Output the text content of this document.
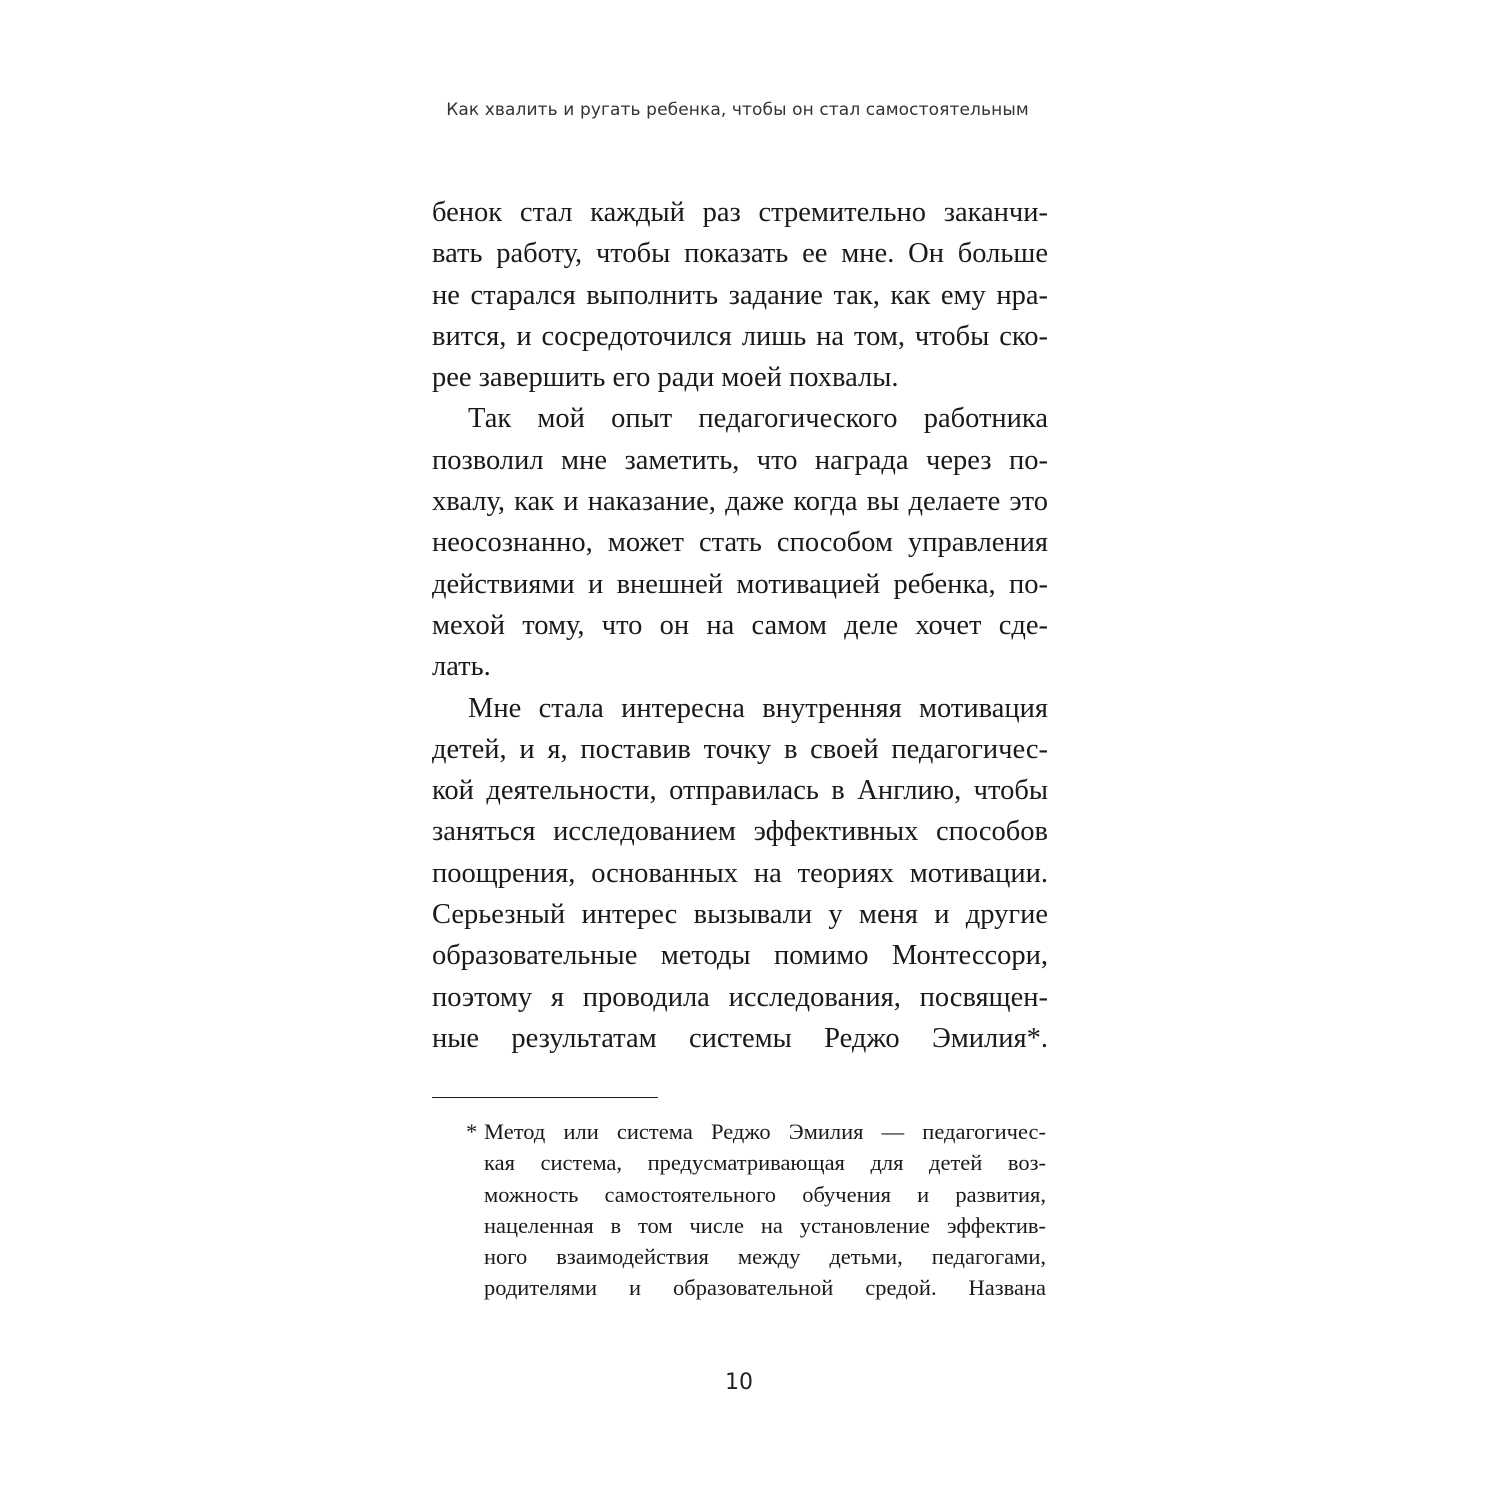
Как хвалить и ругать ребенка, чтобы он стал самостоятельным
бенок стал каждый раз стремительно заканчи-
вать работу, чтобы показать ее мне. Он больше
не старался выполнить задание так, как ему нра-
вится, и сосредоточился лишь на том, чтобы ско-
рее завершить его ради моей похвалы.
Так мой опыт педагогического работника
позволил мне заметить, что награда через по-
хвалу, как и наказание, даже когда вы делаете это
неосознанно, может стать способом управления
действиями и внешней мотивацией ребенка, по-
мехой тому, что он на самом деле хочет сде-
лать.
Мне стала интересна внутренняя мотивация
детей, и я, поставив точку в своей педагогичес-
кой деятельности, отправилась в Англию, чтобы
заняться исследованием эффективных способов
поощрения, основанных на теориях мотивации.
Серьезный интерес вызывали у меня и другие
образовательные методы помимо Монтессори,
поэтому я проводила исследования, посвящен-
ные результатам системы Реджо Эмилия*.
* Метод или система Реджо Эмилия — педагогичес-
кая система, предусматривающая для детей воз-
можность самостоятельного обучения и развития,
нацеленная в том числе на установление эффектив-
ного взаимодействия между детьми, педагогами,
родителями и образовательной средой. Названа
10
